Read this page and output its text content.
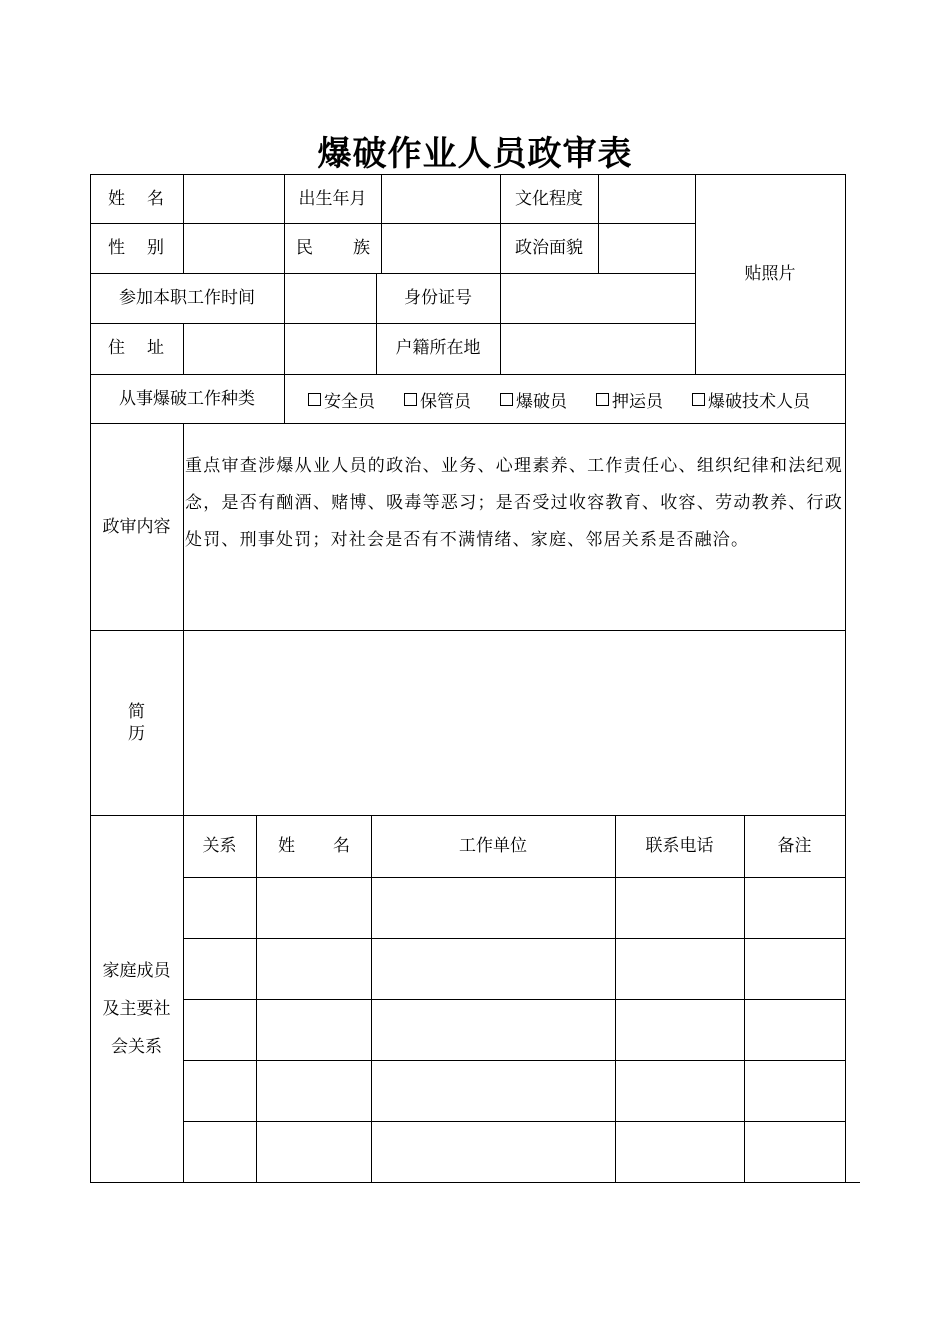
爆破作业人员政审表
姓 名	出生年月	文化程度
贴照片
性 别	民 族	政治面貌
参加本职工作时间	身份证号
住 址	户籍所在地
从事爆破工作种类	安全员	保管员	爆破员	押运员	爆破技术人员
政审内容
重点审查涉爆从业人员的政治、业务、心理素养、工作责任心、组织纪律和法纪观念，是否有酗酒、赌博、吸毒等恶习；是否受过收容教育、收容、劳动教养、行政处罚、刑事处罚；对社会是否有不满情绪、家庭、邻居关系是否融洽。
简
历
家庭成员
及主要社
会关系
关系	姓 名	工作单位	联系电话	备注
